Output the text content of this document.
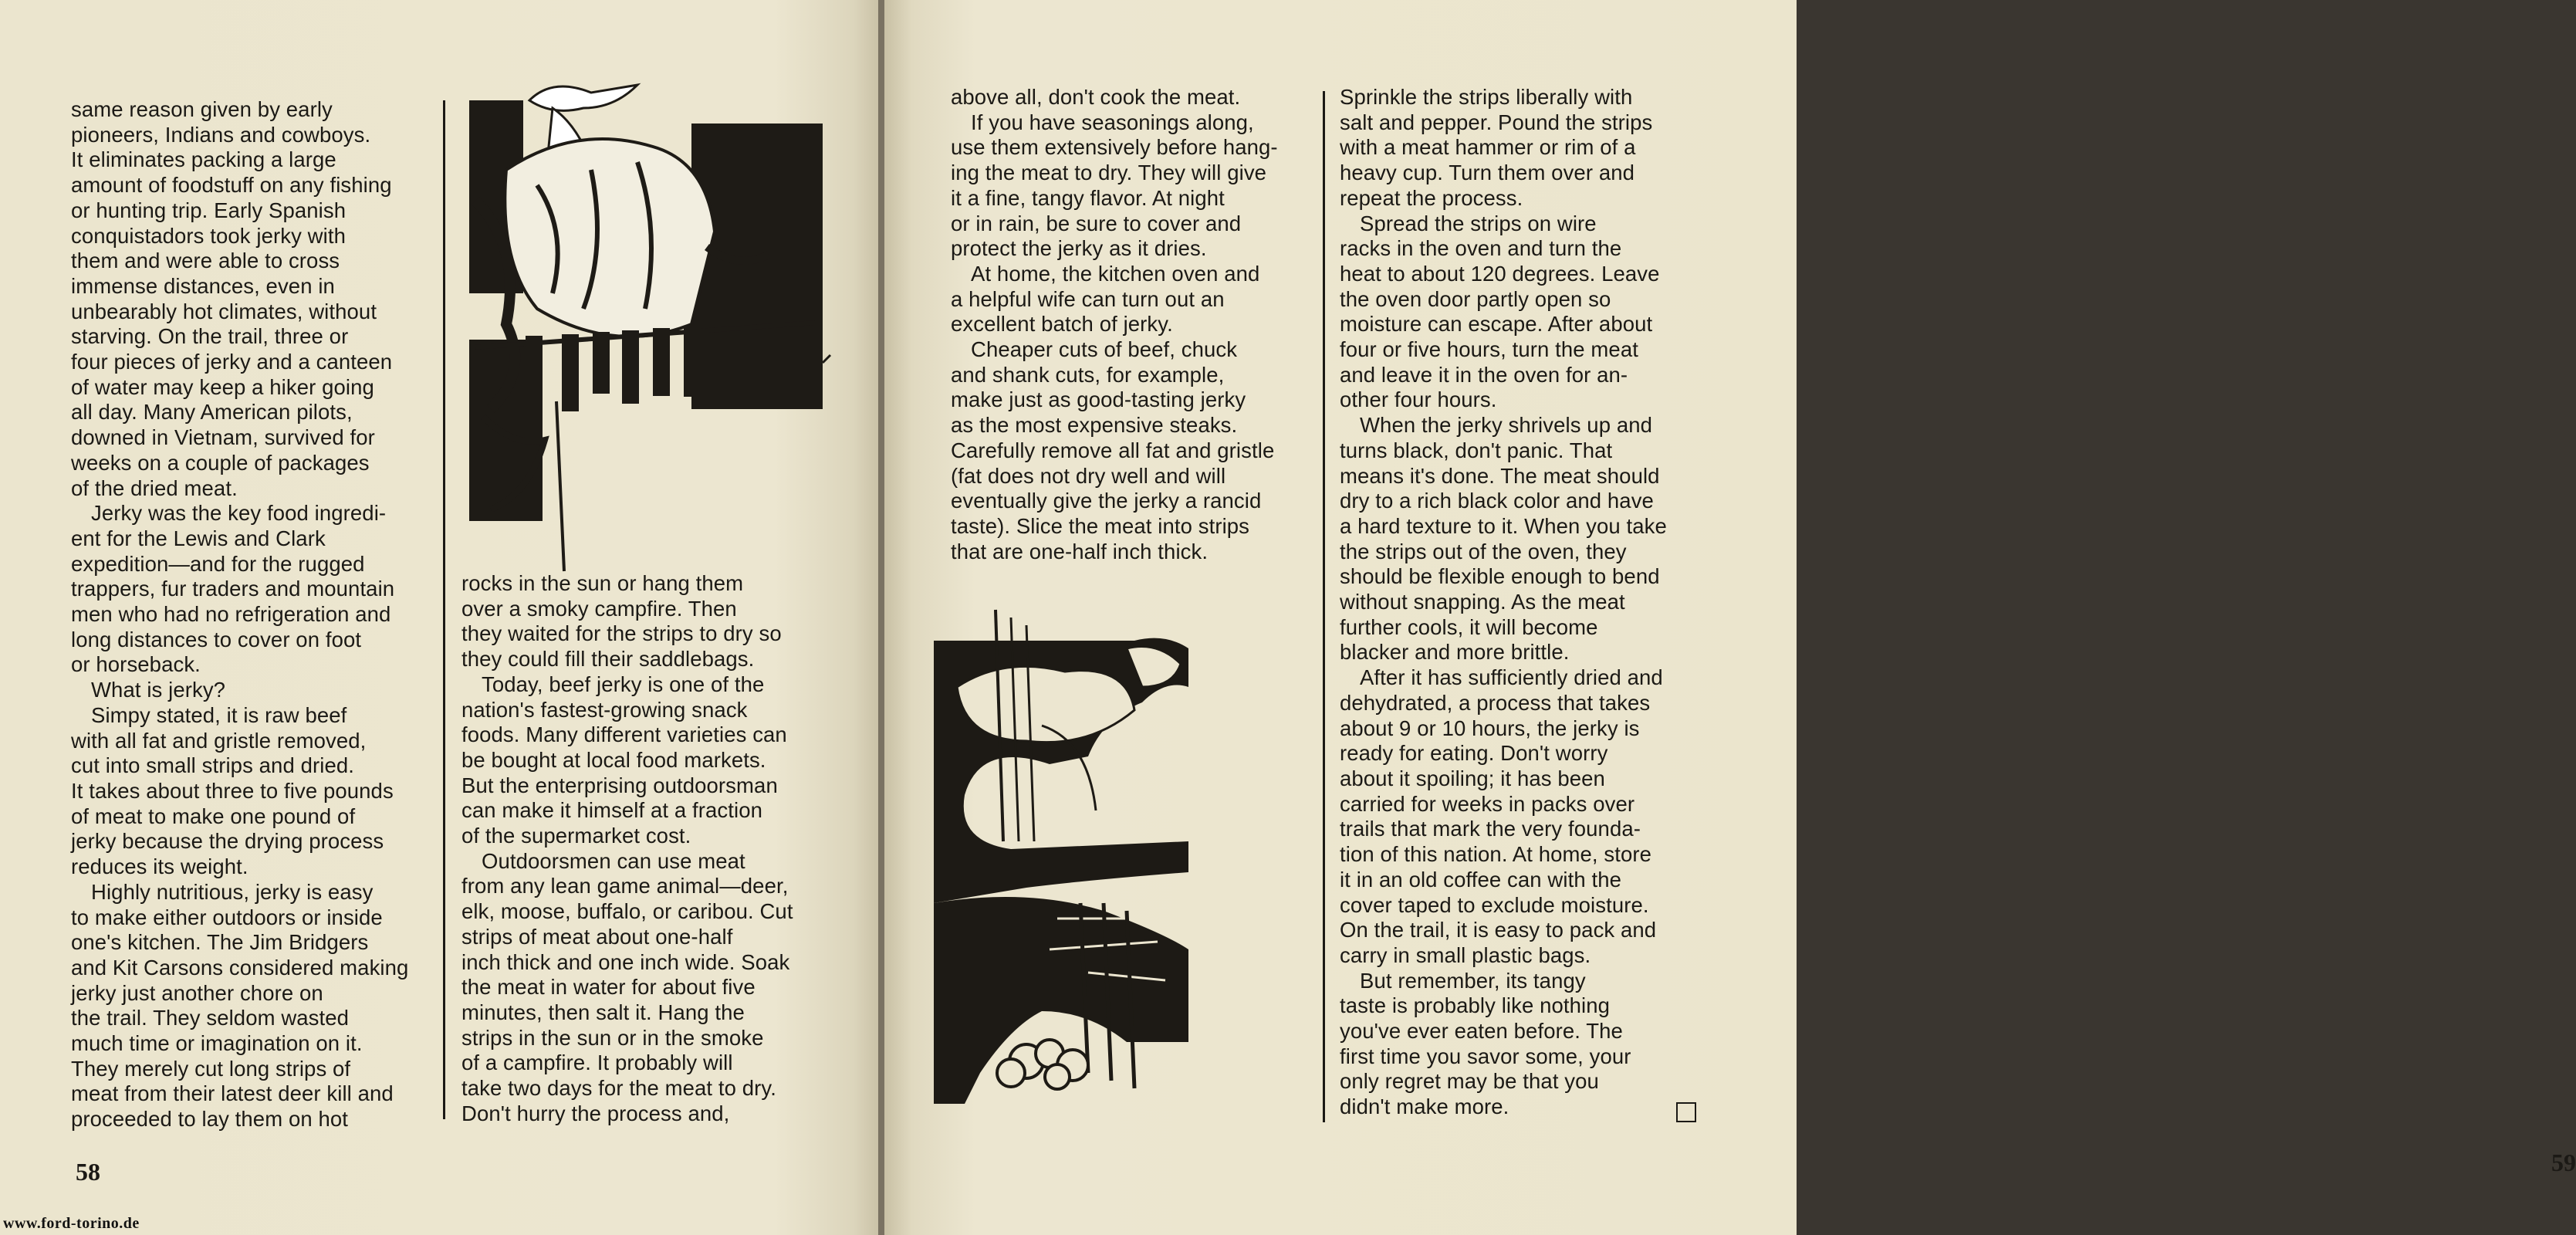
same reason given by early

pioneers, Indians and cowboys.

It eliminates packing a large

amount of foodstuff on any fishing

or hunting trip. Early Spanish

conquistadors took jerky with

them and were able to cross

immense distances, even in

unbearably hot climates, without

starving. On the trail, three or

four pieces of jerky and a canteen

of water may keep a hiker going

all day. Many American pilots,

downed in Vietnam, survived for

weeks on a couple of packages

of the dried meat.

Jerky was the key food ingredi-

ent for the Lewis and Clark

expedition—and for the rugged

trappers, fur traders and mountain

men who had no refrigeration and

long distances to cover on foot

or horseback.

What is jerky?

Simpy stated, it is raw beef

with all fat and gristle removed,

cut into small strips and dried.

It takes about three to five pounds

of meat to make one pound of

jerky because the drying process

reduces its weight.

Highly nutritious, jerky is easy

to make either outdoors or inside

one's kitchen. The Jim Bridgers

and Kit Carsons considered making

jerky just another chore on

the trail. They seldom wasted

much time or imagination on it.

They merely cut long strips of

meat from their latest deer kill and

proceeded to lay them on hot

rocks in the sun or hang them

over a smoky campfire. Then

they waited for the strips to dry so

they could fill their saddlebags.

Today, beef jerky is one of the

nation's fastest-growing snack

foods. Many different varieties can

be bought at local food markets.

But the enterprising outdoorsman

can make it himself at a fraction

of the supermarket cost.

Outdoorsmen can use meat

from any lean game animal—deer,

elk, moose, buffalo, or caribou. Cut

strips of meat about one-half

inch thick and one inch wide. Soak

the meat in water for about five

minutes, then salt it. Hang the

strips in the sun or in the smoke

of a campfire. It probably will

take two days for the meat to dry.

Don't hurry the process and,

58
www.ford-torino.de

above all, don't cook the meat.

If you have seasonings along,

use them extensively before hang-

ing the meat to dry. They will give

it a fine, tangy flavor. At night

or in rain, be sure to cover and

protect the jerky as it dries.

At home, the kitchen oven and

a helpful wife can turn out an

excellent batch of jerky.

Cheaper cuts of beef, chuck

and shank cuts, for example,

make just as good-tasting jerky

as the most expensive steaks.

Carefully remove all fat and gristle

(fat does not dry well and will

eventually give the jerky a rancid

taste). Slice the meat into strips

that are one-half inch thick.

Sprinkle the strips liberally with

salt and pepper. Pound the strips

with a meat hammer or rim of a

heavy cup. Turn them over and

repeat the process.

Spread the strips on wire

racks in the oven and turn the

heat to about 120 degrees. Leave

the oven door partly open so

moisture can escape. After about

four or five hours, turn the meat

and leave it in the oven for an-

other four hours.

When the jerky shrivels up and

turns black, don't panic. That

means it's done. The meat should

dry to a rich black color and have

a hard texture to it. When you take

the strips out of the oven, they

should be flexible enough to bend

without snapping. As the meat

further cools, it will become

blacker and more brittle.

After it has sufficiently dried and

dehydrated, a process that takes

about 9 or 10 hours, the jerky is

ready for eating. Don't worry

about it spoiling; it has been

carried for weeks in packs over

trails that mark the very founda-

tion of this nation. At home, store

it in an old coffee can with the

cover taped to exclude moisture.

On the trail, it is easy to pack and

carry in small plastic bags.

But remember, its tangy

taste is probably like nothing

you've ever eaten before. The

first time you savor some, your

only regret may be that you

didn't make more.

59
